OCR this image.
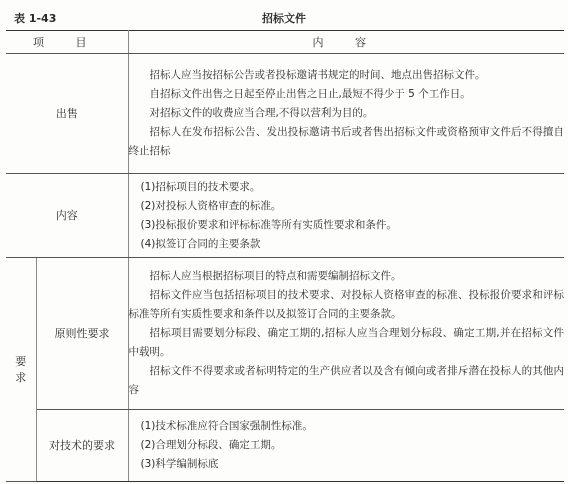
表 1-43	招标文件
项 目		内 容
出售		招标人应当按招标公告或者投标邀请书规定的时间、地点出售招标文件。

自招标文件出售之日起至停止出售之日止,最短不得少于 5 个工作日。

对招标文件的收费应当合理,不得以营利为目的。

招标人在发布招标公告、发出投标邀请书后或者售出招标文件或资格预审文件后不得擅自终止招标

内容		(1)招标项目的技术要求。

(2)对投标人资格审查的标准。

(3)投标报价要求和评标标准等所有实质性要求和条件。

(4)拟签订合同的主要条款

要求	原则性要求	招标人应当根据招标项目的特点和需要编制招标文件。

招标文件应当包括招标项目的技术要求、对投标人资格审查的标准、投标报价要求和评标标准等所有实质性要求和条件以及拟签订合同的主要条款。

招标项目需要划分标段、确定工期的,招标人应当合理划分标段、确定工期,并在招标文件中载明。

招标文件不得要求或者标明特定的生产供应者以及含有倾向或者排斥潜在投标人的其他内容

	对技术的要求	(1)技术标准应符合国家强制性标准。

(2)合理划分标段、确定工期。

(3)科学编制标底
